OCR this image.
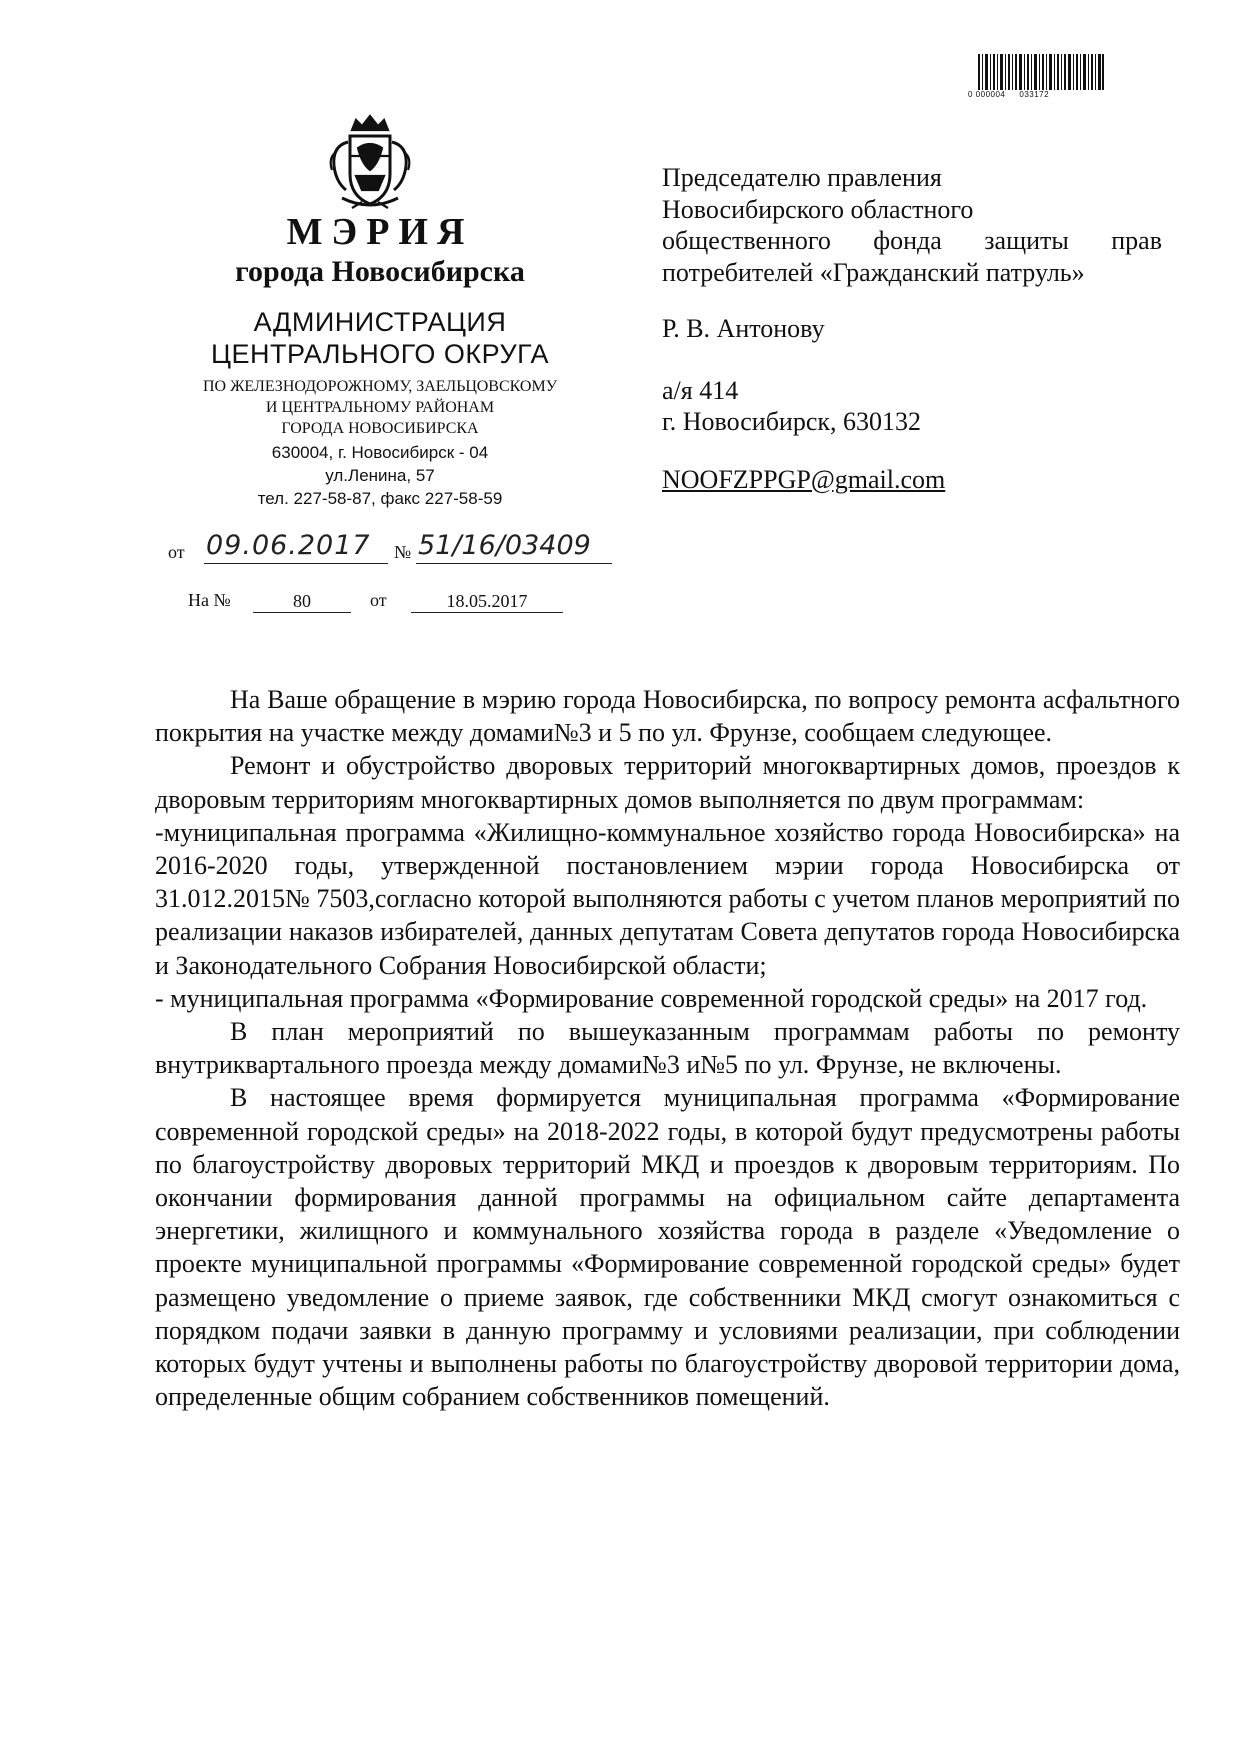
0 000004 033172
МЭРИЯ
города Новосибирска
АДМИНИСТРАЦИЯ
ЦЕНТРАЛЬНОГО ОКРУГА
ПО ЖЕЛЕЗНОДОРОЖНОМУ, ЗАЕЛЬЦОВСКОМУ
И ЦЕНТРАЛЬНОМУ РАЙОНАМ
ГОРОДА НОВОСИБИРСКА
630004, г. Новосибирск - 04
ул.Ленина, 57
тел. 227-58-87, факс 227-58-59
от 09.06.2017 № 51/16/03409
На №	80	от	18.05.2017
Председателю правления
Новосибирского областного
общественного фонда защиты прав
потребителей «Гражданский патруль»
Р. В. Антонову
а/я 414
г. Новосибирск, 630132
NOOFZPPGP@gmail.com

На Ваше обращение в мэрию города Новосибирска, по вопросу ремонта асфальтного покрытия на участке между домами№3 и 5 по ул. Фрунзе, сообщаем следующее.

Ремонт и обустройство дворовых территорий многоквартирных домов, проездов к дворовым территориям многоквартирных домов выполняется по двум программам:

-муниципальная программа «Жилищно-коммунальное хозяйство города Новосибирска» на 2016-2020 годы, утвержденной постановлением мэрии города Новосибирска от 31.012.2015№ 7503,согласно которой выполняются работы с учетом планов мероприятий по реализации наказов избирателей, данных депутатам Совета депутатов города Новосибирска и Законодательного Собрания Новосибирской области;

- муниципальная программа «Формирование современной городской среды» на 2017 год.

В план мероприятий по вышеуказанным программам работы по ремонту внутриквартального проезда между домами№3 и№5 по ул. Фрунзе, не включены.

В настоящее время формируется муниципальная программа «Формирование современной городской среды» на 2018-2022 годы, в которой будут предусмотрены работы по благоустройству дворовых территорий МКД и проездов к дворовым территориям. По окончании формирования данной программы на официальном сайте департамента энергетики, жилищного и коммунального хозяйства города в разделе «Уведомление о проекте муниципальной программы «Формирование современной городской среды» будет размещено уведомление о приеме заявок, где собственники МКД смогут ознакомиться с порядком подачи заявки в данную программу и условиями реализации, при соблюдении которых будут учтены и выполнены работы по благоустройству дворовой территории дома, определенные общим собранием собственников помещений.
